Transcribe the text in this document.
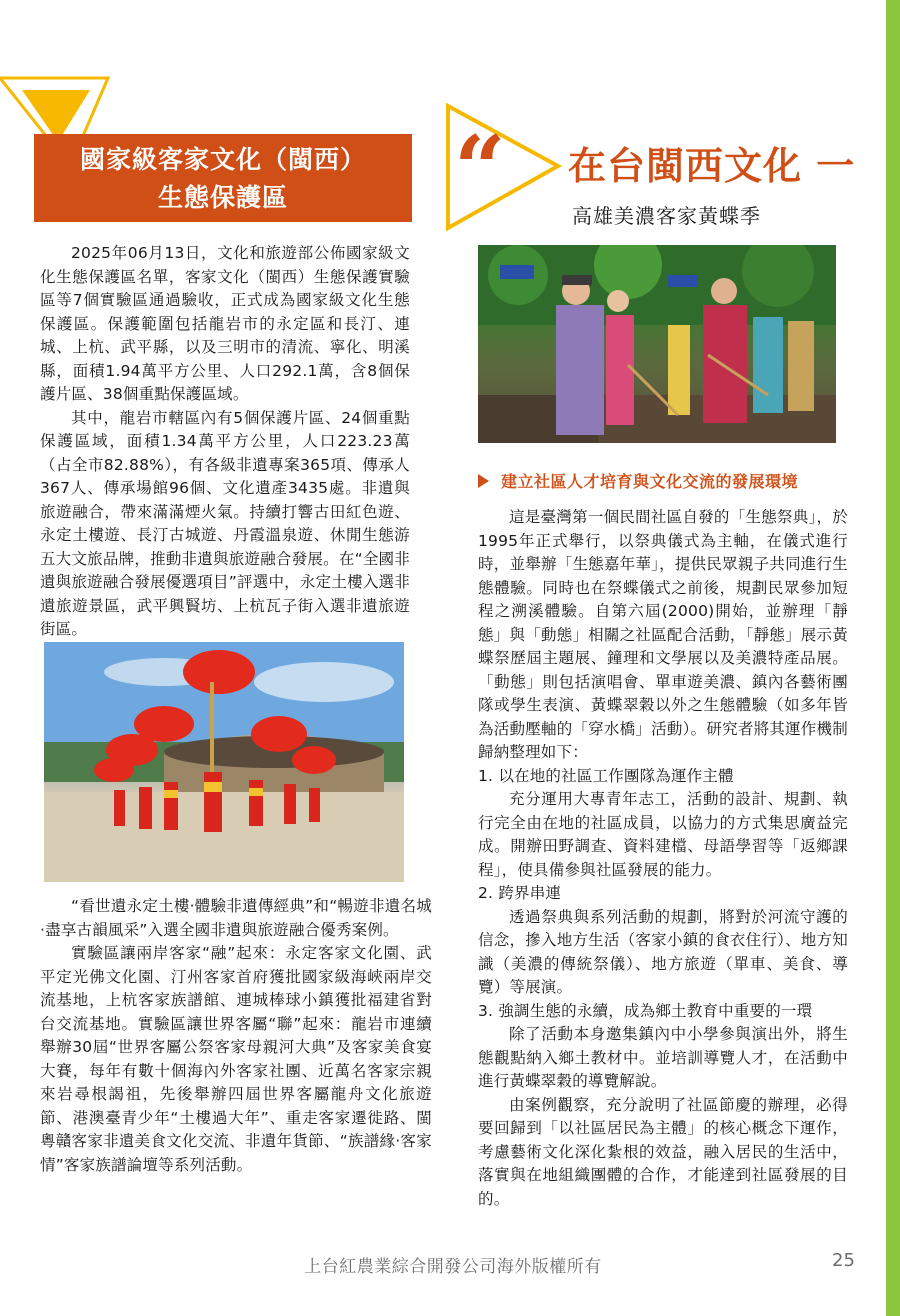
國家級客家文化（閩西）
生態保護區

2025年06月13日，文化和旅遊部公佈國家級文化生態保護區名單，客家文化（閩西）生態保護實驗區等7個實驗區通過驗收，正式成為國家級文化生態保護區。保護範圍包括龍岩市的永定區和長汀、連城、上杭、武平縣，以及三明市的清流、寧化、明溪縣，面積1.94萬平方公里、人口292.1萬，含8個保護片區、38個重點保護區域。

其中，龍岩市轄區內有5個保護片區、24個重點保護區域，面積1.34萬平方公里，人口223.23萬（占全市82.88%），有各級非遺專案365項、傳承人367人、傳承場館96個、文化遺產3435處。非遺與旅遊融合，帶來滿滿煙火氣。持續打響古田紅色遊、永定土樓遊、長汀古城遊、丹霞溫泉遊、休閒生態游五大文旅品牌，推動非遺與旅遊融合發展。在“全國非遺與旅遊融合發展優選項目”評選中，永定土樓入選非遺旅遊景區，武平興賢坊、上杭瓦子街入選非遺旅遊街區。

“看世遺永定土樓·體驗非遺傳經典”和“暢遊非遺名城·盡享古韻風采”入選全國非遺與旅遊融合優秀案例。

實驗區讓兩岸客家“融”起來：永定客家文化園、武平定光佛文化園、汀州客家首府獲批國家級海峽兩岸交流基地，上杭客家族譜館、連城棒球小鎮獲批福建省對台交流基地。實驗區讓世界客屬“聯”起來：龍岩市連續舉辦30屆“世界客屬公祭客家母親河大典”及客家美食宴大賽，每年有數十個海內外客家社團、近萬名客家宗親來岩尋根謁祖，先後舉辦四屆世界客屬龍舟文化旅遊節、港澳臺青少年“土樓過大年”、重走客家遷徙路、閩粵贛客家非遺美食文化交流、非遺年貨節、“族譜緣·客家情”客家族譜論壇等系列活動。

“ 在台閩西文化 一
高雄美濃客家黃蝶季
建立社區人才培育與文化交流的發展環境

這是臺灣第一個民間社區自發的「生態祭典」，於1995年正式舉行，以祭典儀式為主軸，在儀式進行時，並舉辦「生態嘉年華」，提供民眾親子共同進行生態體驗。同時也在祭蝶儀式之前後，規劃民眾參加短程之溯溪體驗。自第六屆(2000)開始，並辦理「靜態」與「動態」相關之社區配合活動，「靜態」展示黃蝶祭歷屆主題展、鐘理和文學展以及美濃特產品展。「動態」則包括演唱會、單車遊美濃、鎮內各藝術團隊或學生表演、黃蝶翠穀以外之生態體驗（如多年皆為活動壓軸的「穿水橋」活動）。研究者將其運作機制歸納整理如下：

1. 以在地的社區工作團隊為運作主體

充分運用大專青年志工，活動的設計、規劃、執行完全由在地的社區成員，以協力的方式集思廣益完成。開辦田野調查、資料建檔、母語學習等「返鄉課程」，使具備參與社區發展的能力。

2. 跨界串連

透過祭典與系列活動的規劃，將對於河流守護的信念，摻入地方生活（客家小鎮的食衣住行）、地方知識（美濃的傳統祭儀）、地方旅遊（單車、美食、導覽）等展演。

3. 強調生態的永續，成為鄉土教育中重要的一環

除了活動本身邀集鎮內中小學參與演出外，將生態觀點納入鄉土教材中。並培訓導覽人才，在活動中進行黃蝶翠穀的導覽解說。

由案例觀察，充分說明了社區節慶的辦理，必得要回歸到「以社區居民為主體」的核心概念下運作，考慮藝術文化深化紮根的效益，融入居民的生活中，落實與在地組織團體的合作，才能達到社區發展的目的。

上台紅農業綜合開發公司海外版權所有	25
